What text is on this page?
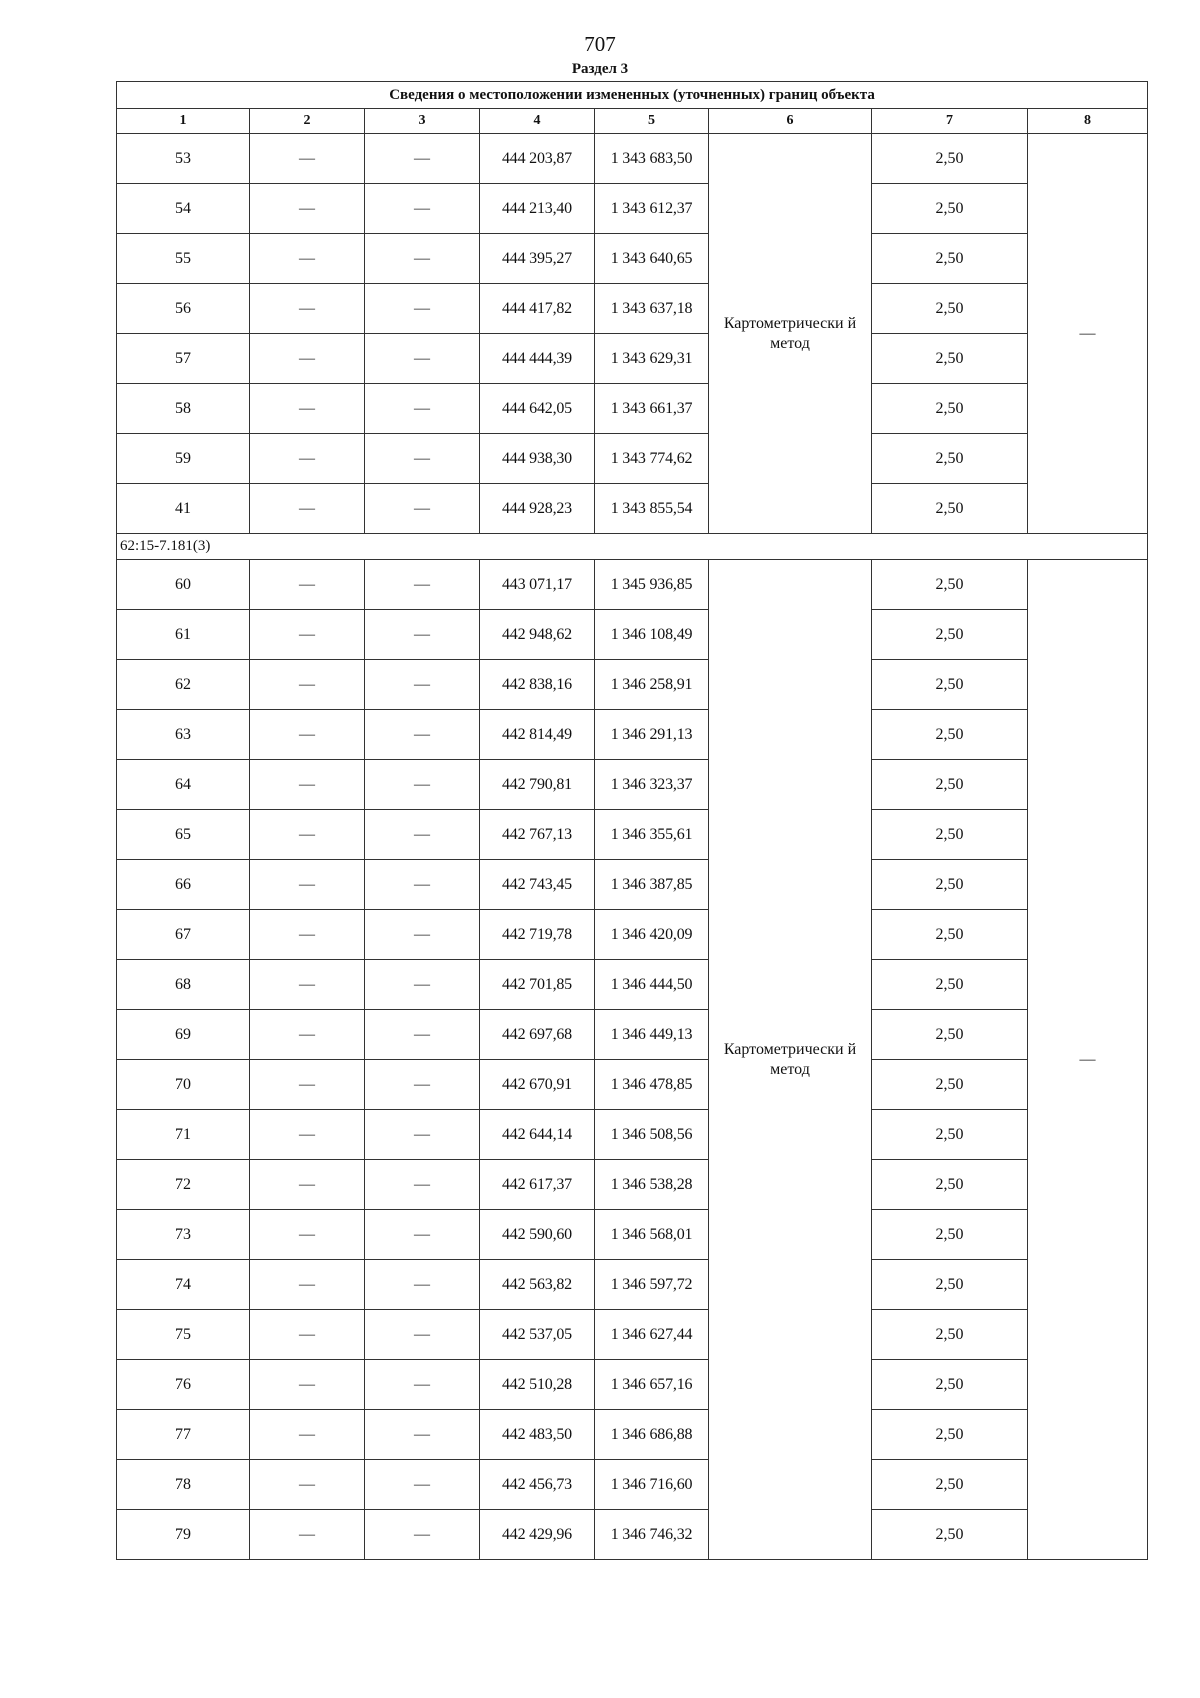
707
Раздел 3
Сведения о местоположении измененных (уточненных) границ объекта							
1	2	3	4	5	6	7	8
53	—	—	444 203,87	1 343 683,50	Картометрически й метод	2,50	—
54	—	—	444 213,40	1 343 612,37		2,50	
55	—	—	444 395,27	1 343 640,65		2,50	
56	—	—	444 417,82	1 343 637,18		2,50	
57	—	—	444 444,39	1 343 629,31		2,50	
58	—	—	444 642,05	1 343 661,37		2,50	
59	—	—	444 938,30	1 343 774,62		2,50	
41	—	—	444 928,23	1 343 855,54		2,50	
62:15-7.181(3)							
60	—	—	443 071,17	1 345 936,85	Картометрически й метод	2,50	—
61	—	—	442 948,62	1 346 108,49		2,50	
62	—	—	442 838,16	1 346 258,91		2,50	
63	—	—	442 814,49	1 346 291,13		2,50	
64	—	—	442 790,81	1 346 323,37		2,50	
65	—	—	442 767,13	1 346 355,61		2,50	
66	—	—	442 743,45	1 346 387,85		2,50	
67	—	—	442 719,78	1 346 420,09		2,50	
68	—	—	442 701,85	1 346 444,50		2,50	
69	—	—	442 697,68	1 346 449,13		2,50	
70	—	—	442 670,91	1 346 478,85		2,50	
71	—	—	442 644,14	1 346 508,56		2,50	
72	—	—	442 617,37	1 346 538,28		2,50	
73	—	—	442 590,60	1 346 568,01		2,50	
74	—	—	442 563,82	1 346 597,72		2,50	
75	—	—	442 537,05	1 346 627,44		2,50	
76	—	—	442 510,28	1 346 657,16		2,50	
77	—	—	442 483,50	1 346 686,88		2,50	
78	—	—	442 456,73	1 346 716,60		2,50	
79	—	—	442 429,96	1 346 746,32		2,50	
